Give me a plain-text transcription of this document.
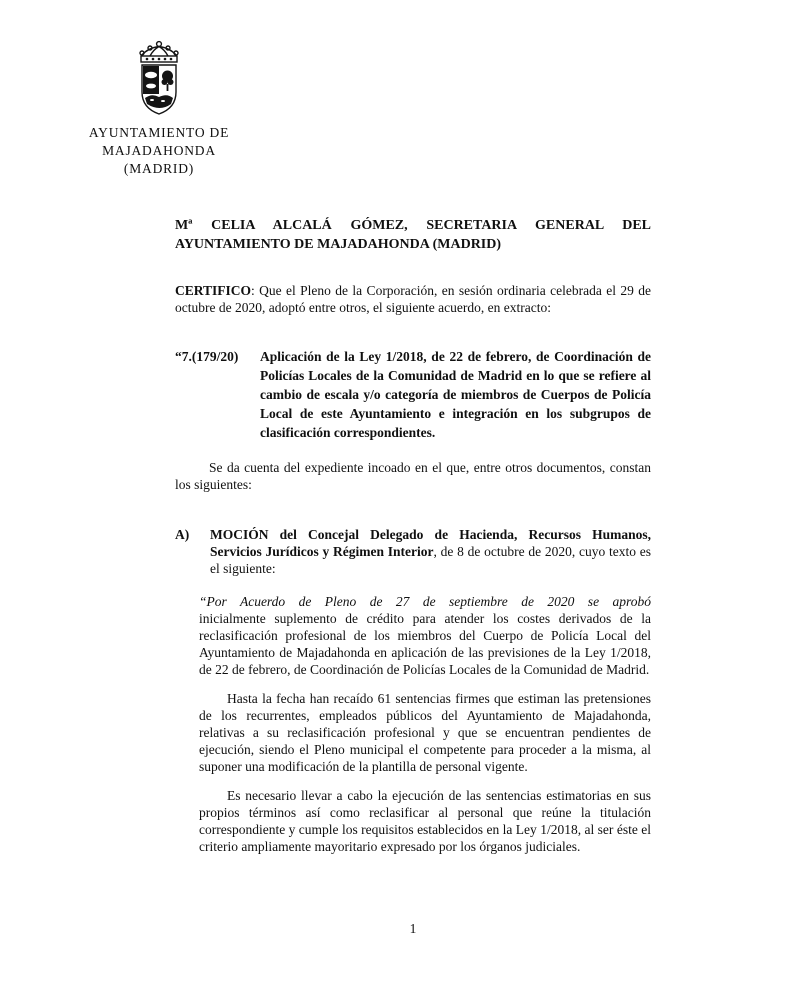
AYUNTAMIENTO DE
MAJADAHONDA
(MADRID)

Mª CELIA ALCALÁ GÓMEZ, SECRETARIA GENERAL DEL
AYUNTAMIENTO DE MAJADAHONDA (MADRID)

CERTIFICO: Que el Pleno de la Corporación, en sesión ordinaria celebrada el 29 de octubre de 2020, adoptó entre otros, el siguiente acuerdo, en extracto:

“7.(179/20)	Aplicación de la Ley 1/2018, de 22 de febrero, de Coordinación de Policías Locales de la Comunidad de Madrid en lo que se refiere al cambio de escala y/o categoría de miembros de Cuerpos de Policía Local de este Ayuntamiento e integración en los subgrupos de clasificación correspondientes.

Se da cuenta del expediente incoado en el que, entre otros documentos, constan los siguientes:

A)	MOCIÓN del Concejal Delegado de Hacienda, Recursos Humanos, Servicios Jurídicos y Régimen Interior, de 8 de octubre de 2020, cuyo texto es el siguiente:
“Por Acuerdo de Pleno de 27 de septiembre de 2020 se aprobó
inicialmente suplemento de crédito para atender los costes derivados de la reclasificación profesional de los miembros del Cuerpo de Policía Local del Ayuntamiento de Majadahonda en aplicación de las previsiones de la Ley 1/2018, de 22 de febrero, de Coordinación de Policías Locales de la Comunidad de Madrid.
Hasta la fecha han recaído 61 sentencias firmes que estiman las pretensiones de los recurrentes, empleados públicos del Ayuntamiento de Majadahonda, relativas a su reclasificación profesional y que se encuentran pendientes de ejecución, siendo el Pleno municipal el competente para proceder a la misma, al suponer una modificación de la plantilla de personal vigente.
Es necesario llevar a cabo la ejecución de las sentencias estimatorias en sus propios términos así como reclasificar al personal que reúne la titulación correspondiente y cumple los requisitos establecidos en la Ley 1/2018, al ser éste el criterio ampliamente mayoritario expresado por los órganos judiciales.
1
